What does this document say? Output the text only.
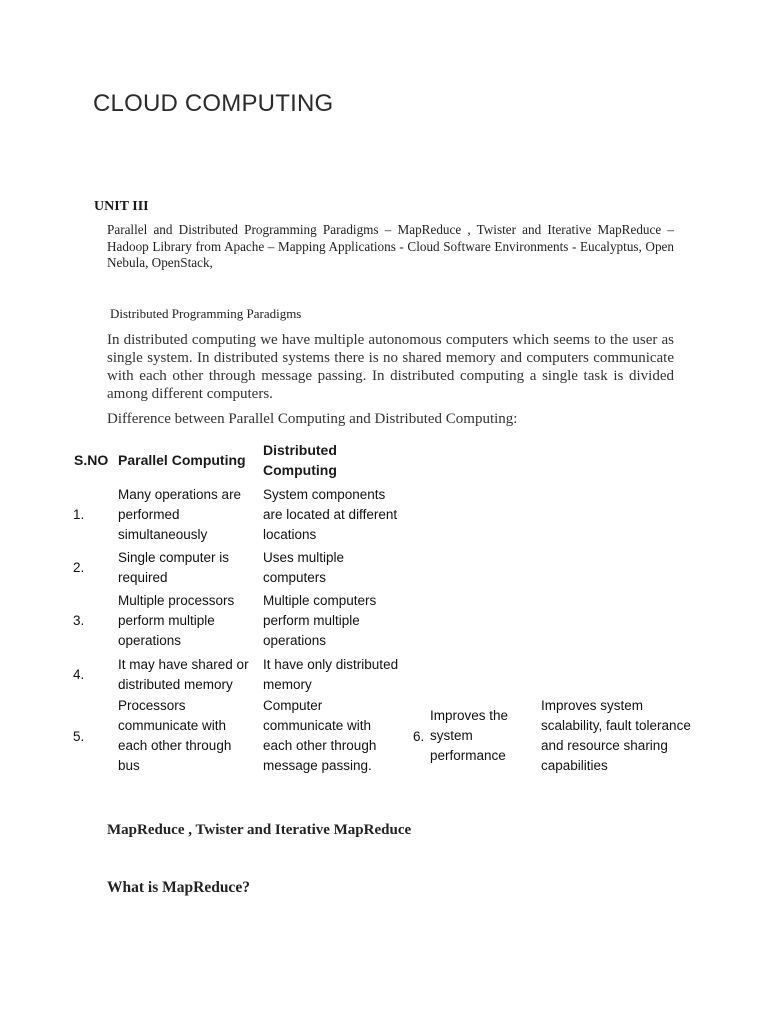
CLOUD COMPUTING
UNIT III

Parallel and Distributed Programming Paradigms – MapReduce , Twister and Iterative MapReduce – Hadoop Library from Apache – Mapping Applications - Cloud Software Environments - Eucalyptus, Open Nebula, OpenStack,

Distributed Programming Paradigms

In distributed computing we have multiple autonomous computers which seems to the user as single system. In distributed systems there is no shared memory and computers communicate with each other through message passing. In distributed computing a single task is divided among different computers.

Difference between Parallel Computing and Distributed Computing:
S.NO Parallel Computing
Distributed Computing
1.
Many operations are performed simultaneously
System components are located at different locations
2.
Single computer is required
Uses multiple computers
3.
Multiple processors perform multiple operations
Multiple computers perform multiple operations
4.
It may have shared or distributed memory
It have only distributed memory
5.
Processors communicate with each other through bus
Computer communicate with each other through message passing.
6.
Improves the system performance
Improves system scalability, fault tolerance and resource sharing capabilities
MapReduce , Twister and Iterative MapReduce
What is MapReduce?
